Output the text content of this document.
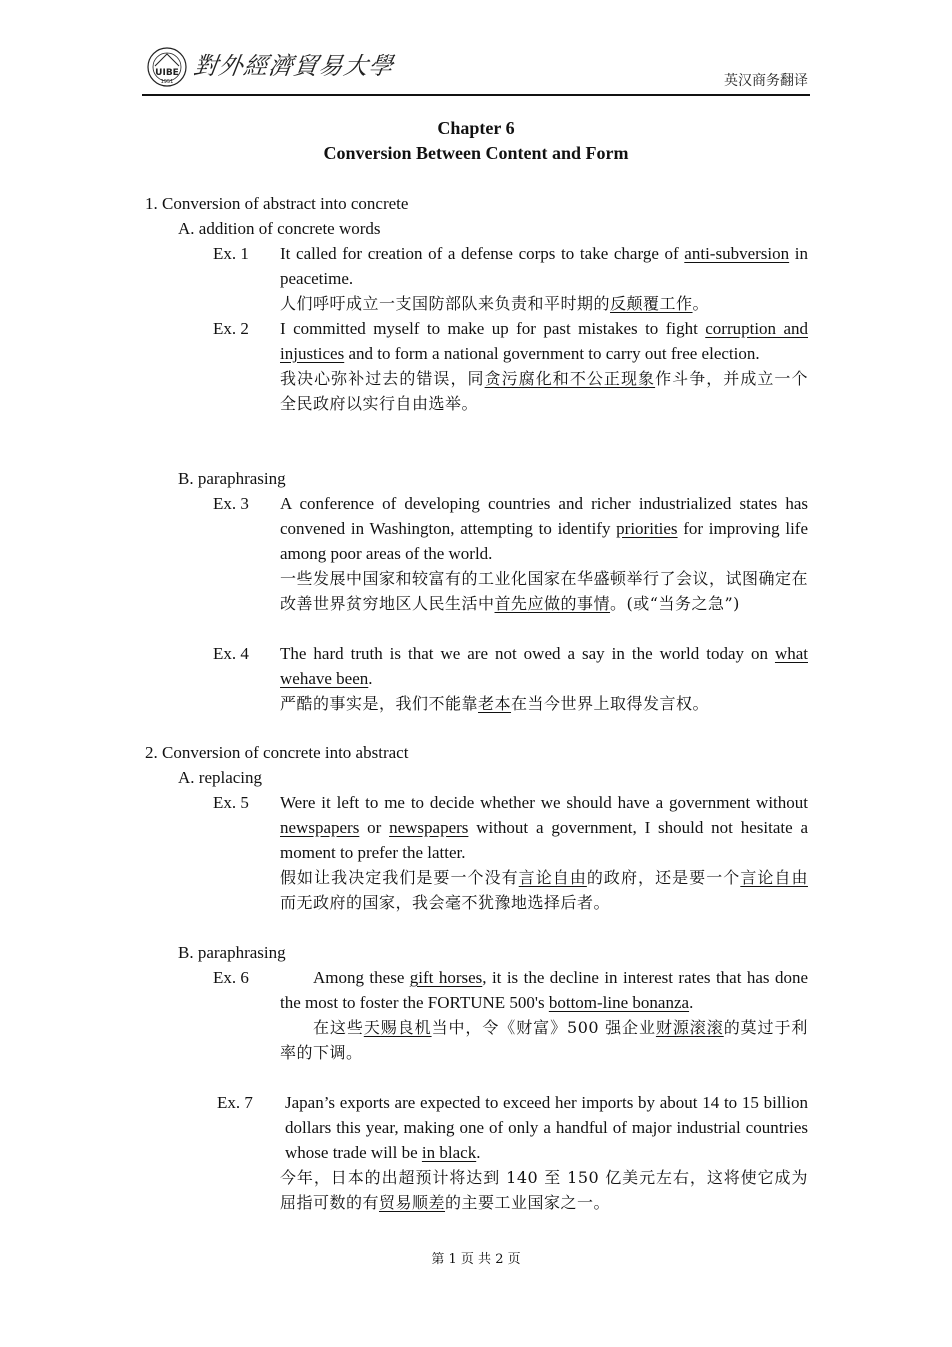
UIBE
1951
對外經濟貿易大學
英汉商务翻译
Chapter 6
Conversion Between Content and Form
1. Conversion of abstract into concrete
A. addition of concrete words
Ex. 1 It called for creation of a defense corps to take charge of anti-subversion in peacetime.
人们呼吁成立一支国防部队来负责和平时期的反颠覆工作。
Ex. 2 I committed myself to make up for past mistakes to fight corruption and injustices and to form a national government to carry out free election.
我决心弥补过去的错误，同贪污腐化和不公正现象作斗争，并成立一个全民政府以实行自由选举。
B. paraphrasing
Ex. 3 A conference of developing countries and richer industrialized states has convened in Washington, attempting to identify priorities for improving life among poor areas of the world.
一些发展中国家和较富有的工业化国家在华盛顿举行了会议，试图确定在改善世界贫穷地区人民生活中首先应做的事情。(或“当务之急”)
Ex. 4 The hard truth is that we are not owed a say in the world today on what wehave been.
严酷的事实是，我们不能靠老本在当今世界上取得发言权。
2. Conversion of concrete into abstract
A. replacing
Ex. 5 Were it left to me to decide whether we should have a government without newspapers or newspapers without a government, I should not hesitate a        moment to prefer the latter.
假如让我决定我们是要一个没有言论自由的政府，还是要一个言论自由而无政府的国家，我会毫不犹豫地选择后者。
B. paraphrasing
Ex. 6	Among these gift horses, it is the decline in interest rates that has done the most to foster the FORTUNE 500's bottom-line bonanza.
在这些天赐良机当中，令《财富》500 强企业财源滚滚的莫过于利率的下调。
Ex. 7 Japan’s exports are expected to exceed her imports by about 14 to 15 billion dollars this year, making one of only a handful of major industrial countries whose trade will be in black.
今年，日本的出超预计将达到 140 至 150 亿美元左右，这将使它成为屈指可数的有贸易顺差的主要工业国家之一。
第 1 页 共 2 页
